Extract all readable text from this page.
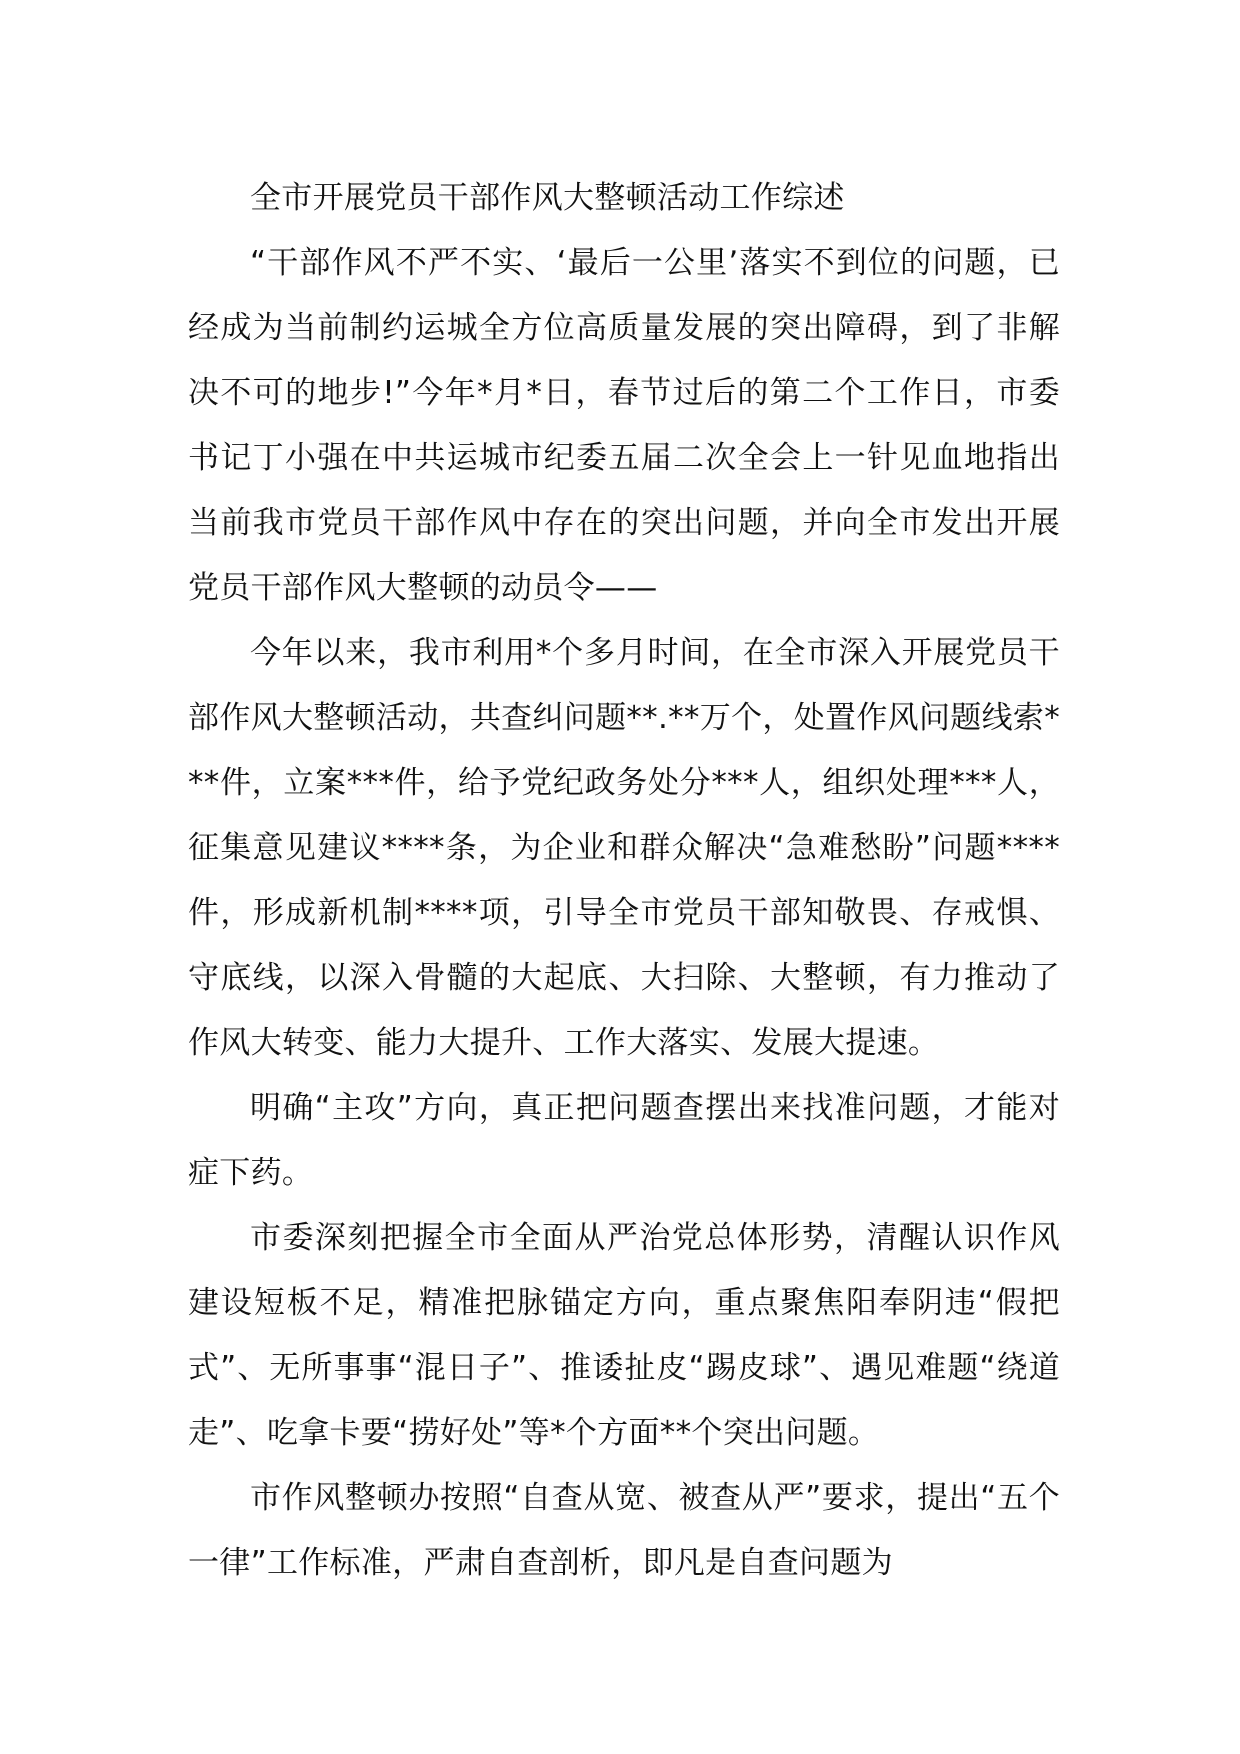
全市开展党员干部作风大整顿活动工作综述

“干部作风不严不实、‘最后一公里’落实不到位的问题，已经成为当前制约运城全方位高质量发展的突出障碍，到了非解决不可的地步!”今年*月*日，春节过后的第二个工作日，市委书记丁小强在中共运城市纪委五届二次全会上一针见血地指出当前我市党员干部作风中存在的突出问题，并向全市发出开展党员干部作风大整顿的动员令——

今年以来，我市利用*个多月时间，在全市深入开展党员干部作风大整顿活动，共查纠问题**.**万个，处置作风问题线索***件，立案***件，给予党纪政务处分***人，组织处理***人，征集意见建议****条，为企业和群众解决“急难愁盼”问题****件，形成新机制****项，引导全市党员干部知敬畏、存戒惧、守底线，以深入骨髓的大起底、大扫除、大整顿，有力推动了作风大转变、能力大提升、工作大落实、发展大提速。

明确“主攻”方向，真正把问题查摆出来找准问题，才能对症下药。

市委深刻把握全市全面从严治党总体形势，清醒认识作风建设短板不足，精准把脉锚定方向，重点聚焦阳奉阴违“假把式”、无所事事“混日子”、推诿扯皮“踢皮球”、遇见难题“绕道走”、吃拿卡要“捞好处”等*个方面**个突出问题。

市作风整顿办按照“自查从宽、被查从严”要求，提出“五个一律”工作标准，严肃自查剖析，即凡是自查问题为
